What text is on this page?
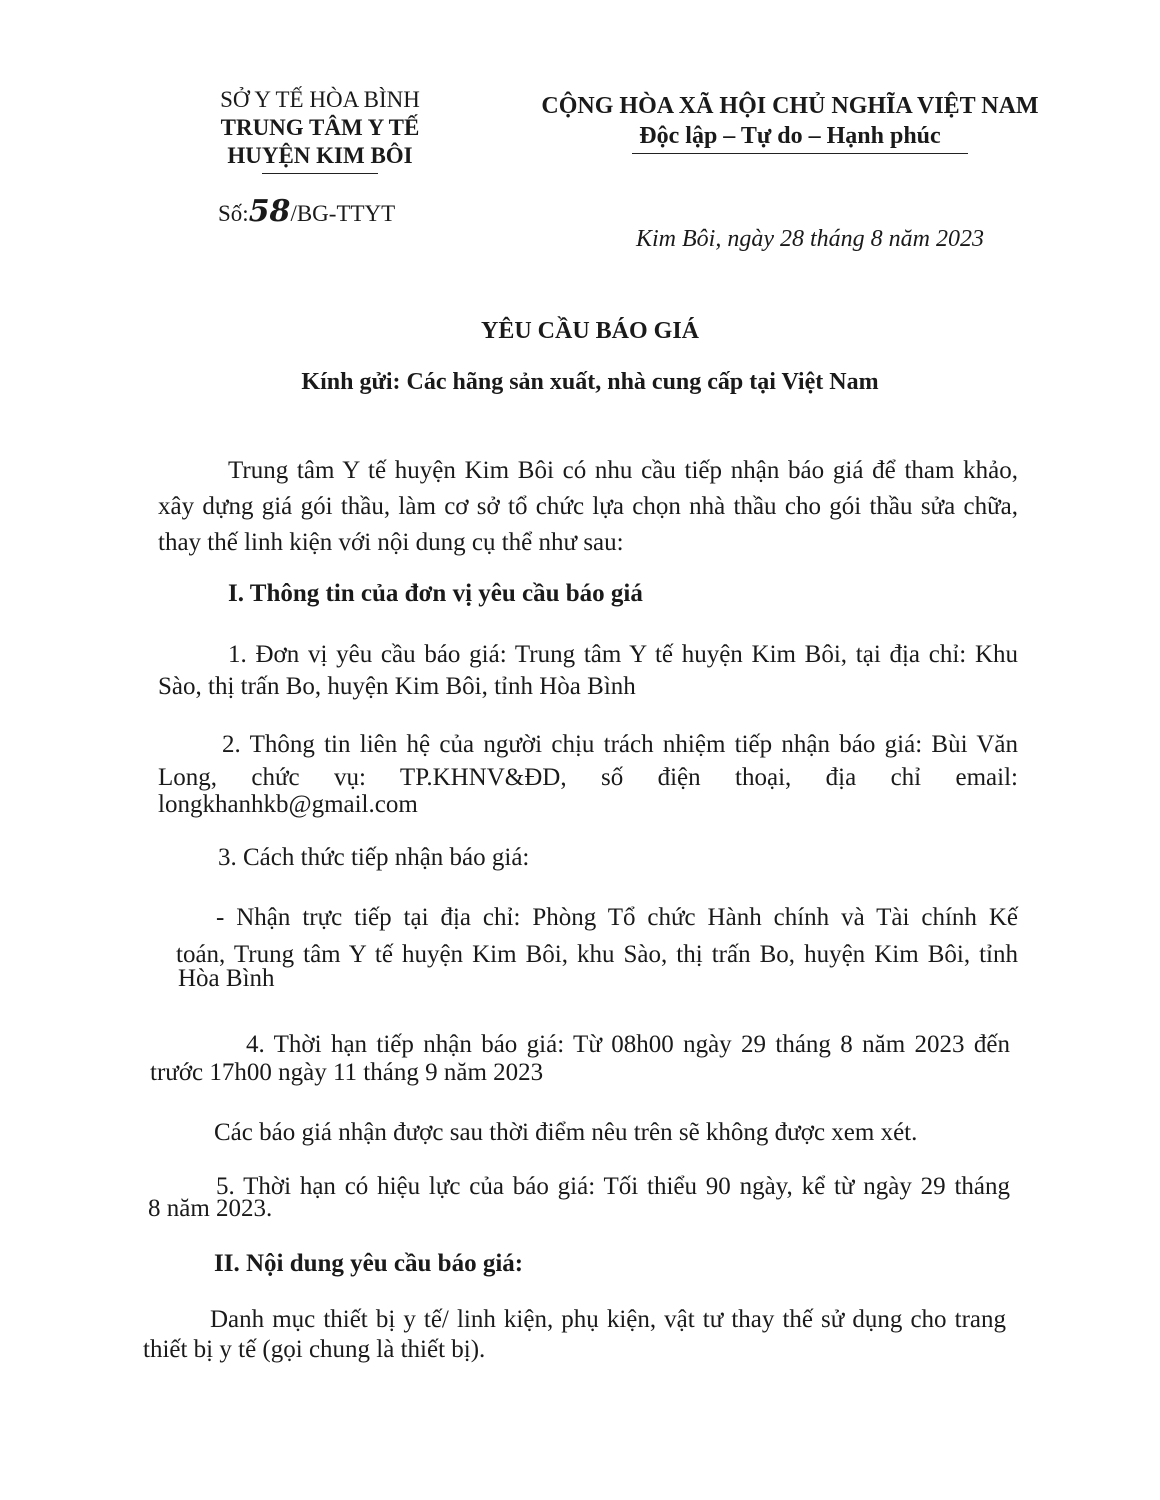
SỞ Y TẾ HÒA BÌNH
TRUNG TÂM Y TẾ
HUYỆN KIM BÔI
Số:58/BG-TTYT
CỘNG HÒA XÃ HỘI CHỦ NGHĨA VIỆT NAM
Độc lập – Tự do – Hạnh phúc
Kim Bôi, ngày 28 tháng 8 năm 2023
YÊU CẦU BÁO GIÁ
Kính gửi: Các hãng sản xuất, nhà cung cấp tại Việt Nam
Trung tâm Y tế huyện Kim Bôi có nhu cầu tiếp nhận báo giá để tham khảo,
xây dựng giá gói thầu, làm cơ sở tổ chức lựa chọn nhà thầu cho gói thầu sửa chữa,
thay thế linh kiện với nội dung cụ thể như sau:
I. Thông tin của đơn vị yêu cầu báo giá
1. Đơn vị yêu cầu báo giá: Trung tâm Y tế huyện Kim Bôi, tại địa chỉ: Khu
Sào, thị trấn Bo, huyện Kim Bôi, tỉnh Hòa Bình
2. Thông tin liên hệ của người chịu trách nhiệm tiếp nhận báo giá: Bùi Văn
Long, chức vụ: TP.KHNV&ĐD, số điện thoại, địa chỉ email:
longkhanhkb@gmail.com
3. Cách thức tiếp nhận báo giá:
- Nhận trực tiếp tại địa chỉ: Phòng Tổ chức Hành chính và Tài chính Kế
toán, Trung tâm Y tế huyện Kim Bôi, khu Sào, thị trấn Bo, huyện Kim Bôi, tỉnh
Hòa Bình
4. Thời hạn tiếp nhận báo giá: Từ 08h00 ngày 29 tháng 8 năm 2023 đến
trước 17h00 ngày 11 tháng 9 năm 2023
Các báo giá nhận được sau thời điểm nêu trên sẽ không được xem xét.
5. Thời hạn có hiệu lực của báo giá: Tối thiểu 90 ngày, kể từ ngày 29 tháng
8 năm 2023.
II. Nội dung yêu cầu báo giá:
Danh mục thiết bị y tế/ linh kiện, phụ kiện, vật tư thay thế sử dụng cho trang
thiết bị y tế (gọi chung là thiết bị).
